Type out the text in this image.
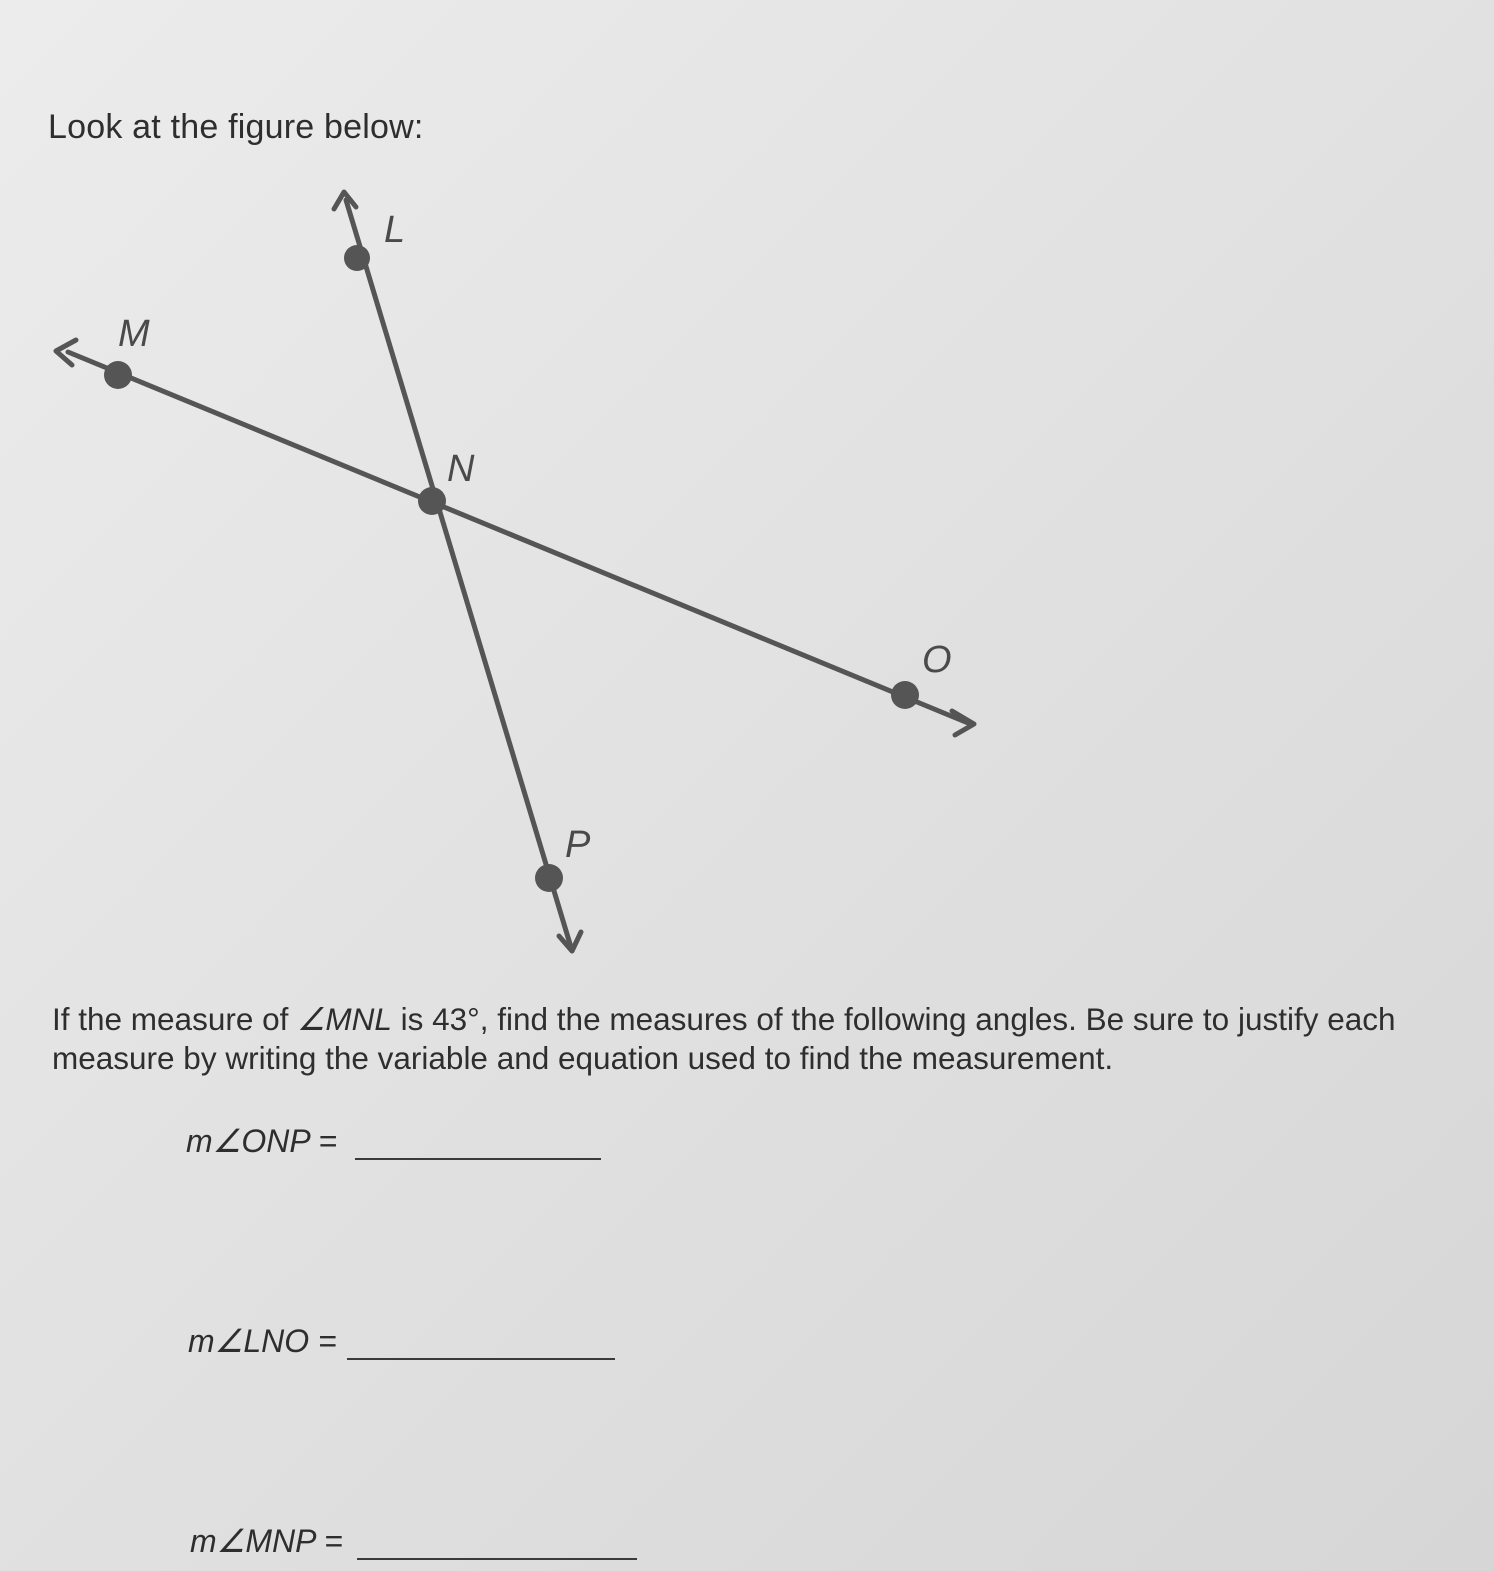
Look at the figure below:
L
M
N
O
P
If the measure of ∠MNL is 43°, find the measures of the following angles. Be sure to justify each measure by writing the variable and equation used to find the measurement.
m∠ONP =
m∠LNO =
m∠MNP =
